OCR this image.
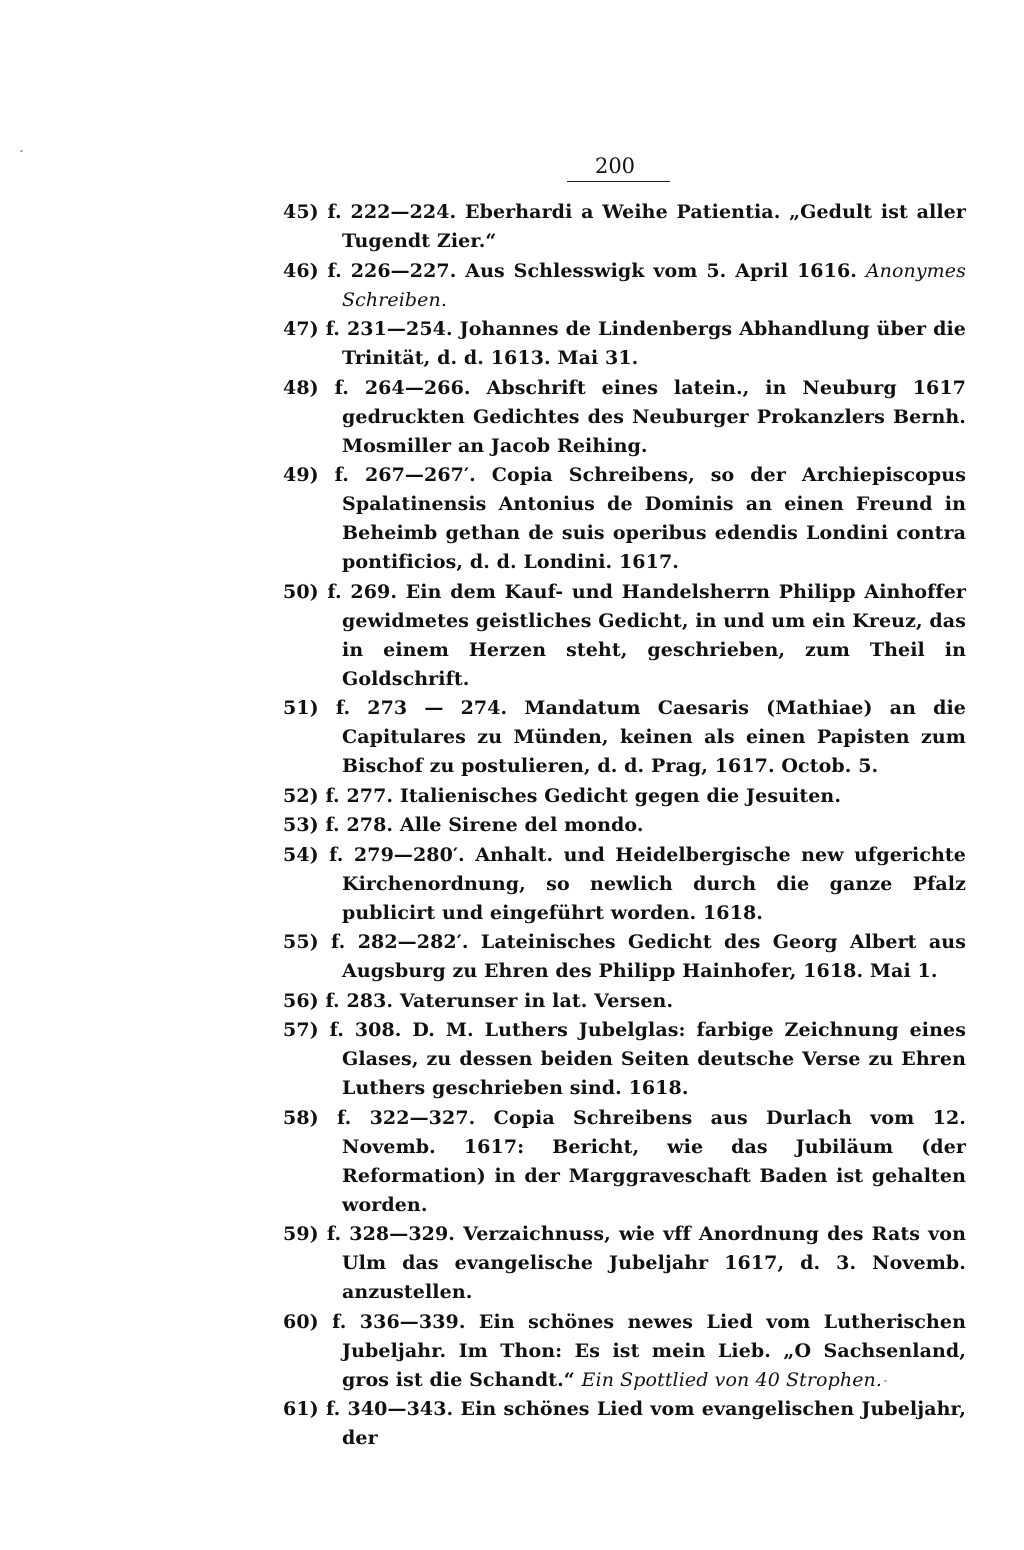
200
45) f. 222—224. Eberhardi a Weihe Patientia. „Gedult ist aller Tugendt Zier.“
46) f. 226—227. Aus Schlesswigk vom 5. April 1616. Anonymes Schreiben.
47) f. 231—254. Johannes de Lindenbergs Abhandlung über die Trinität, d. d. 1613. Mai 31.
48) f. 264—266. Abschrift eines latein., in Neuburg 1617 gedruckten Gedichtes des Neuburger Prokanzlers Bernh. Mosmiller an Jacob Reihing.
49) f. 267—267′. Copia Schreibens, so der Archiepiscopus Spalatinensis Antonius de Dominis an einen Freund in Beheimb gethan de suis operibus edendis Londini contra pontificios, d. d. Londini. 1617.
50) f. 269. Ein dem Kauf- und Handelsherrn Philipp Ainhoffer gewidmetes geistliches Gedicht, in und um ein Kreuz, das in einem Herzen steht, geschrieben, zum Theil in Goldschrift.
51) f. 273 — 274. Mandatum Caesaris (Mathiae) an die Capitulares zu Münden, keinen als einen Papisten zum Bischof zu postulieren, d. d. Prag, 1617. Octob. 5.
52) f. 277. Italienisches Gedicht gegen die Jesuiten.
53) f. 278. Alle Sirene del mondo.
54) f. 279—280′. Anhalt. und Heidelbergische new ufgerichte Kirchenordnung, so newlich durch die ganze Pfalz publicirt und eingeführt worden. 1618.
55) f. 282—282′. Lateinisches Gedicht des Georg Albert aus Augsburg zu Ehren des Philipp Hainhofer, 1618. Mai 1.
56) f. 283. Vaterunser in lat. Versen.
57) f. 308. D. M. Luthers Jubelglas: farbige Zeichnung eines Glases, zu dessen beiden Seiten deutsche Verse zu Ehren Luthers geschrieben sind. 1618.
58) f. 322—327. Copia Schreibens aus Durlach vom 12. Novemb. 1617: Bericht, wie das Jubiläum (der Reformation) in der Marggraveschaft Baden ist gehalten worden.
59) f. 328—329. Verzaichnuss, wie vff Anordnung des Rats von Ulm das evangelische Jubeljahr 1617, d. 3. Novemb. anzustellen.
60) f. 336—339. Ein schönes newes Lied vom Lutherischen Jubeljahr. Im Thon: Es ist mein Lieb. „O Sachsenland, gros ist die Schandt.“ Ein Spottlied von 40 Strophen.
61) f. 340—343. Ein schönes Lied vom evangelischen Jubeljahr, der
